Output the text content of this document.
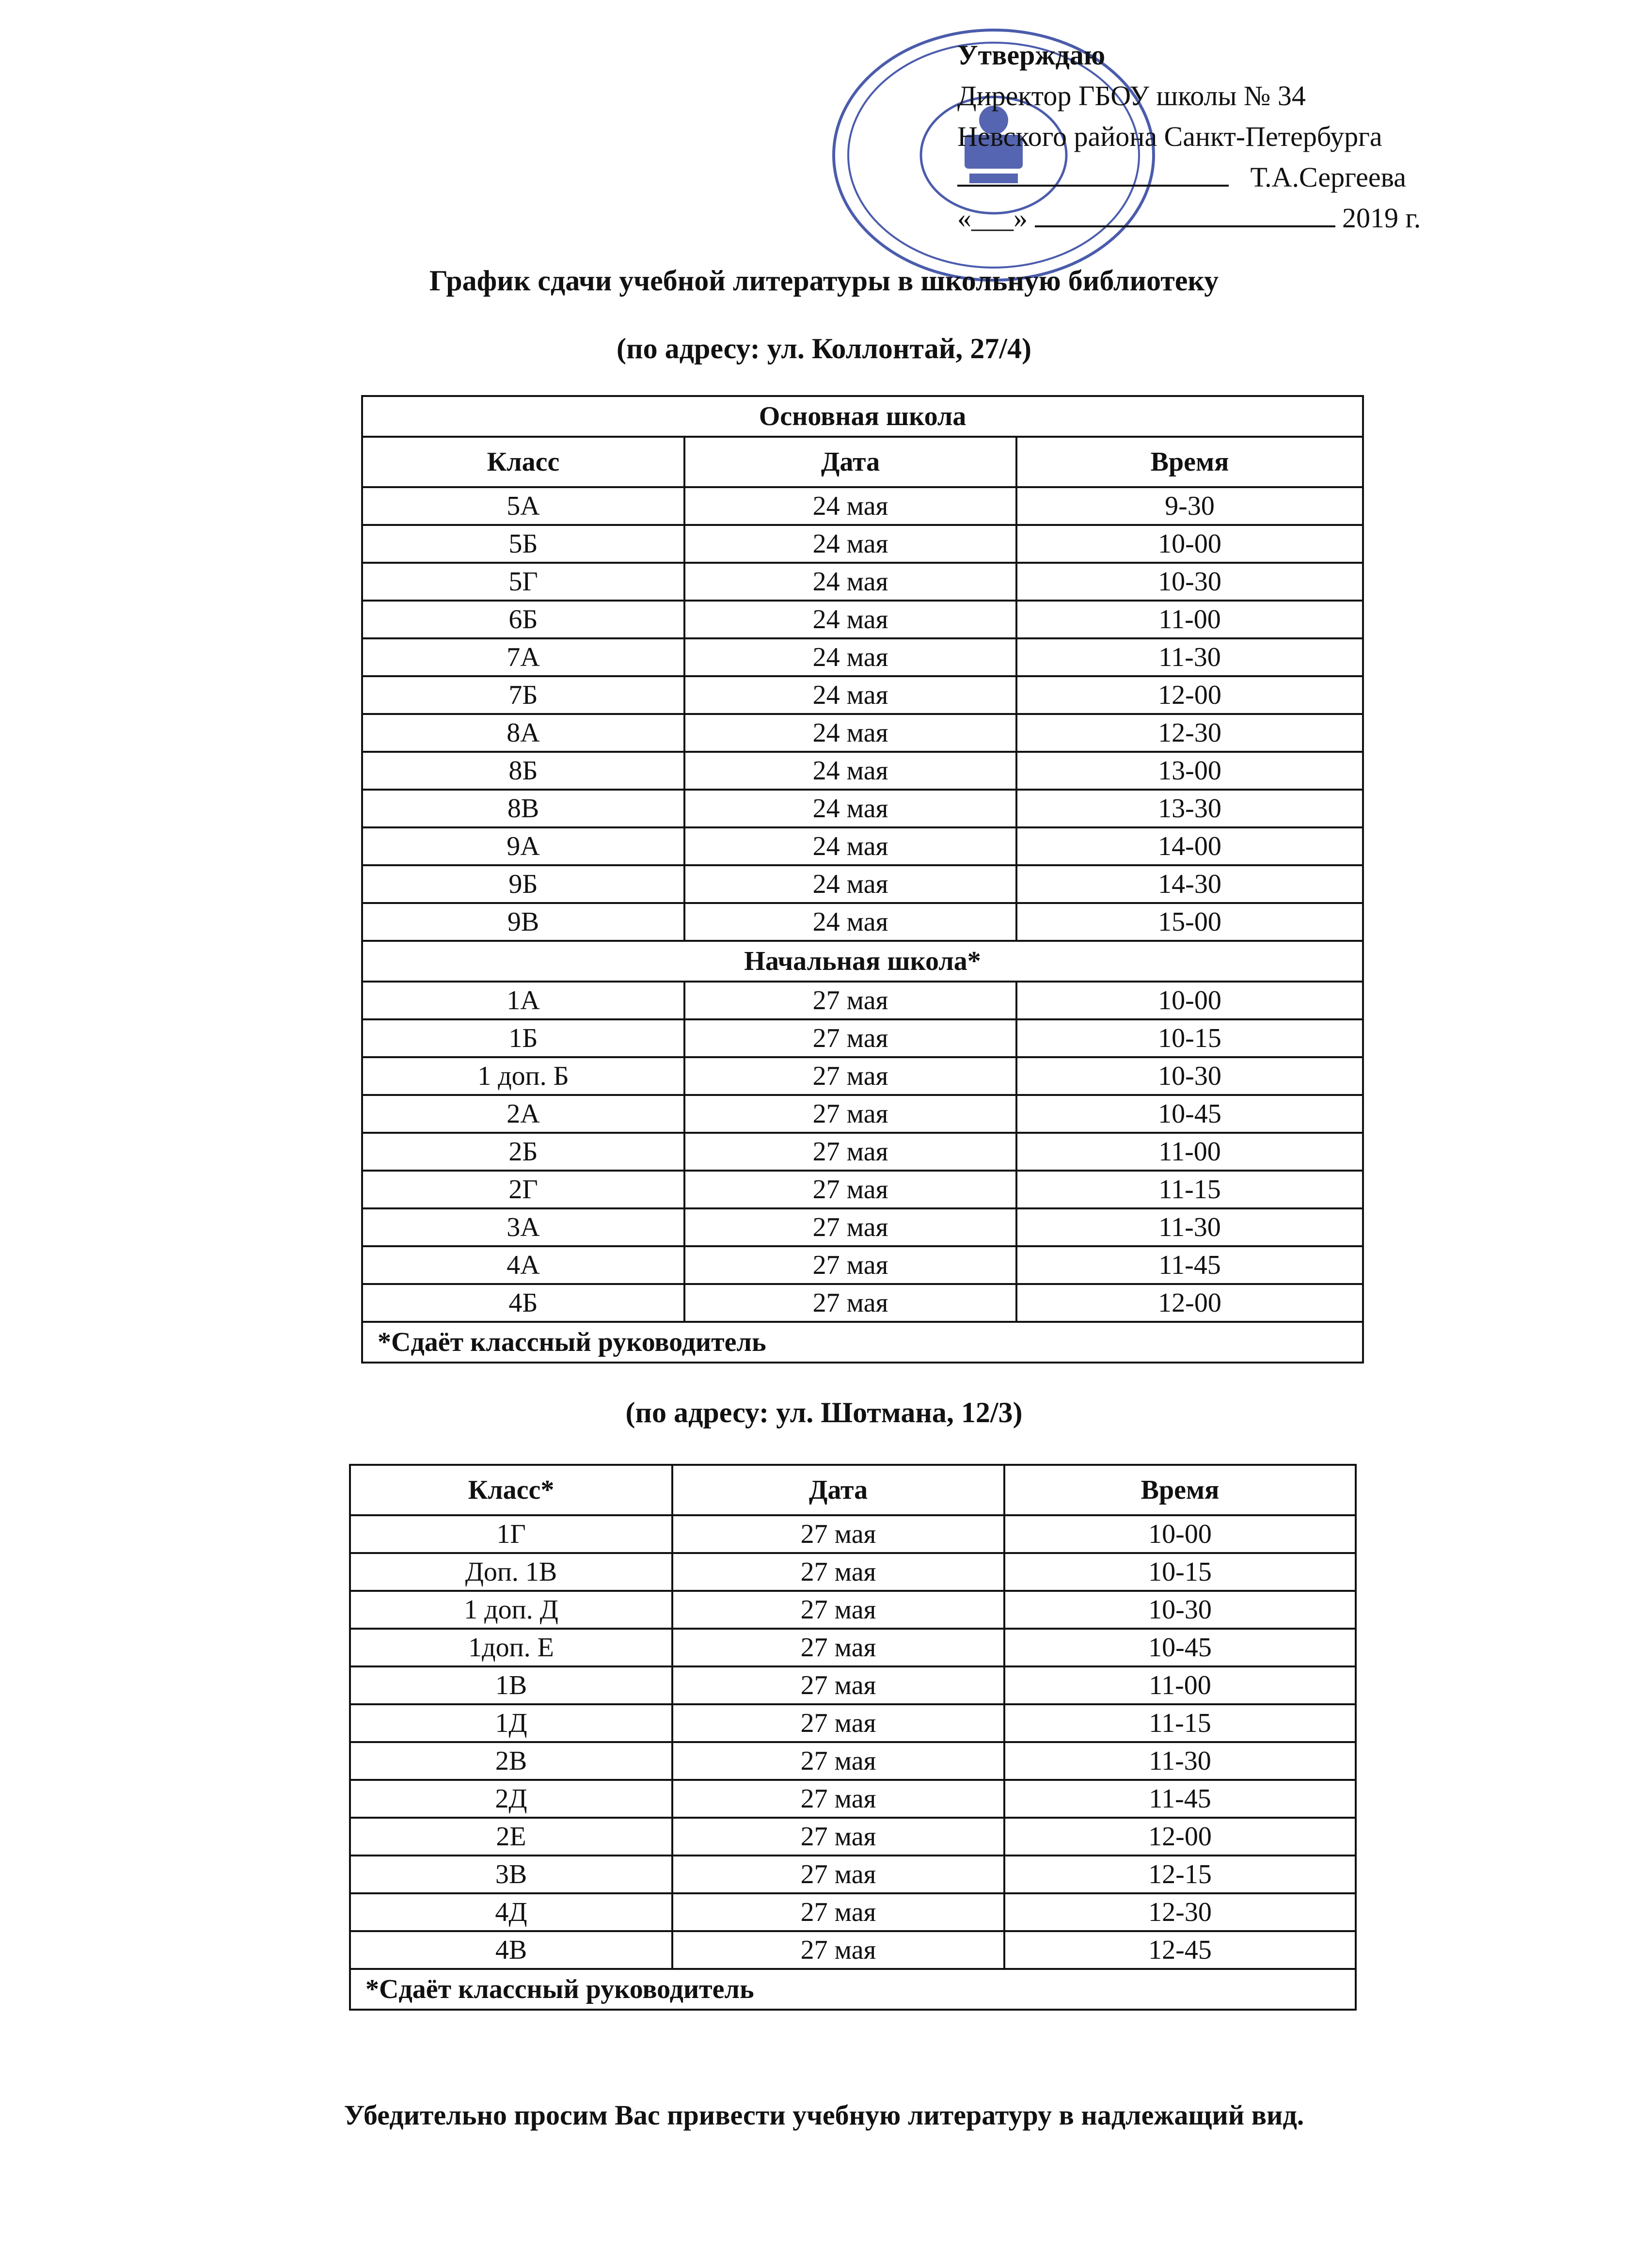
Утверждаю
Директор ГБОУ школы № 34
Невского района Санкт-Петербурга
Т.А.Сергеева
«___»	2019 г.
График сдачи учебной литературы в школьную библиотеку
(по адресу: ул. Коллонтай, 27/4)
Основная школа		
Класс	Дата	Время
5А	24 мая	9-30
5Б	24 мая	10-00
5Г	24 мая	10-30
6Б	24 мая	11-00
7А	24 мая	11-30
7Б	24 мая	12-00
8А	24 мая	12-30
8Б	24 мая	13-00
8В	24 мая	13-30
9А	24 мая	14-00
9Б	24 мая	14-30
9В	24 мая	15-00
Начальная школа*		
1А	27 мая	10-00
1Б	27 мая	10-15
1 доп. Б	27 мая	10-30
2А	27 мая	10-45
2Б	27 мая	11-00
2Г	27 мая	11-15
3А	27 мая	11-30
4А	27 мая	11-45
4Б	27 мая	12-00
*Сдаёт классный руководитель		
(по адресу: ул. Шотмана, 12/3)
Класс*	Дата	Время
1Г	27 мая	10-00
Доп. 1В	27 мая	10-15
1 доп. Д	27 мая	10-30
1доп. Е	27 мая	10-45
1В	27 мая	11-00
1Д	27 мая	11-15
2В	27 мая	11-30
2Д	27 мая	11-45
2Е	27 мая	12-00
3В	27 мая	12-15
4Д	27 мая	12-30
4В	27 мая	12-45
*Сдаёт классный руководитель		
Убедительно просим Вас привести учебную литературу в надлежащий вид.
